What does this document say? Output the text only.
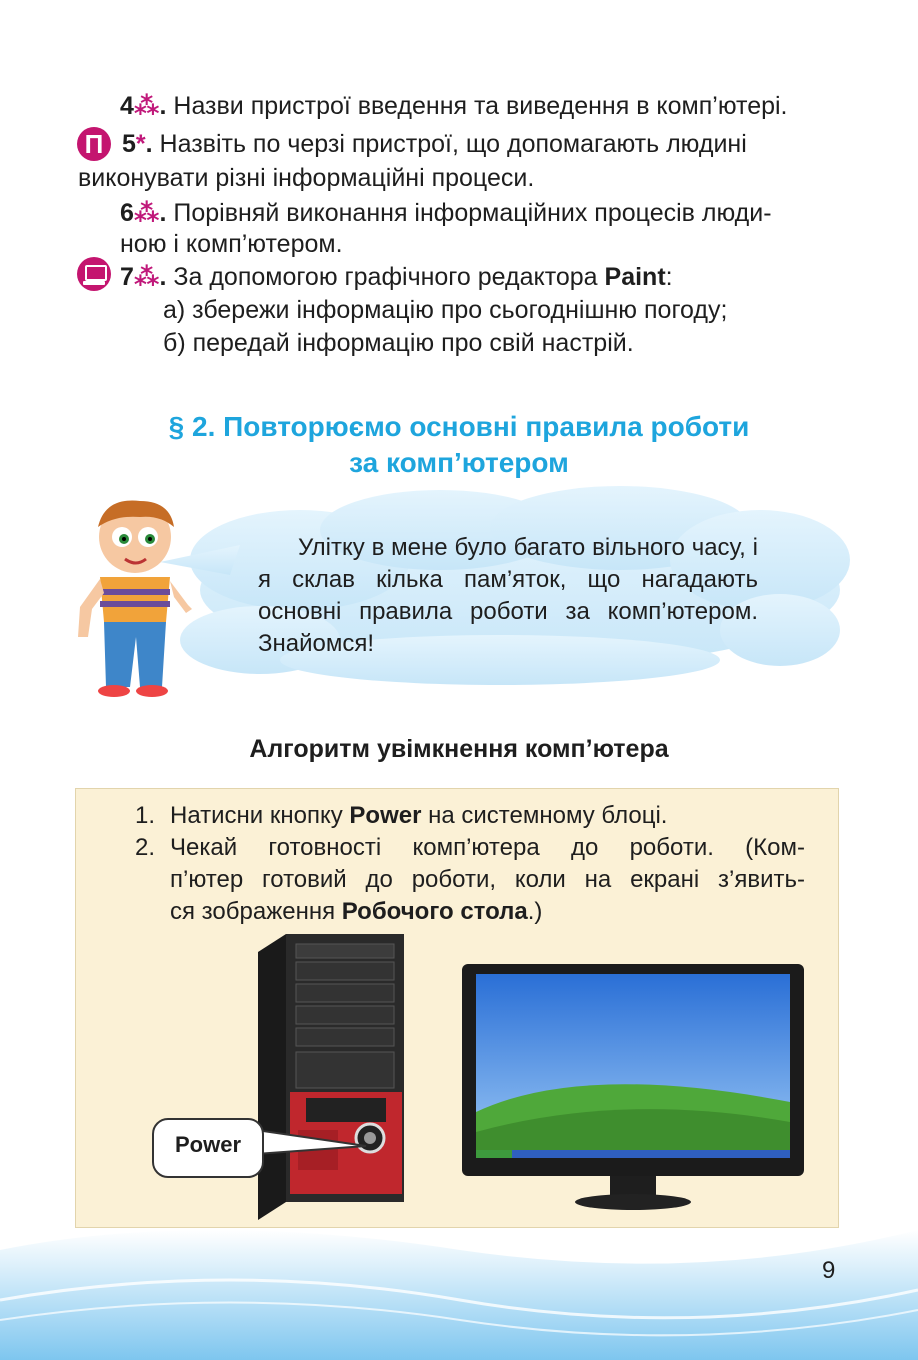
4⁂. Назви пристрої введення та виведення в комп’ютері.
П 5*. Назвіть по черзі пристрої, що допомагають людині
виконувати різні інформаційні процеси.
6⁂. Порівняй виконання інформаційних процесів люди-
ною і комп’ютером.
7⁂. За допомогою графічного редактора Paint:
а) збережи інформацію про сьогоднішню погоду;
б) передай інформацію про свій настрій.
§ 2. Повторюємо основні правила роботи
за комп’ютером
Улітку в мене було багато вільного часу, і я склав кілька пам’яток, що нагадають основні правила роботи за комп’ютером. Знайомся!
Алгоритм увімкнення комп’ютера
1. Натисни кнопку Power на системному блоці.
2. Чекай готовності комп’ютера до роботи. (Ком-
п’ютер готовий до роботи, коли на екрані з’явить-
ся зображення Робочого стола.)
Power
9
